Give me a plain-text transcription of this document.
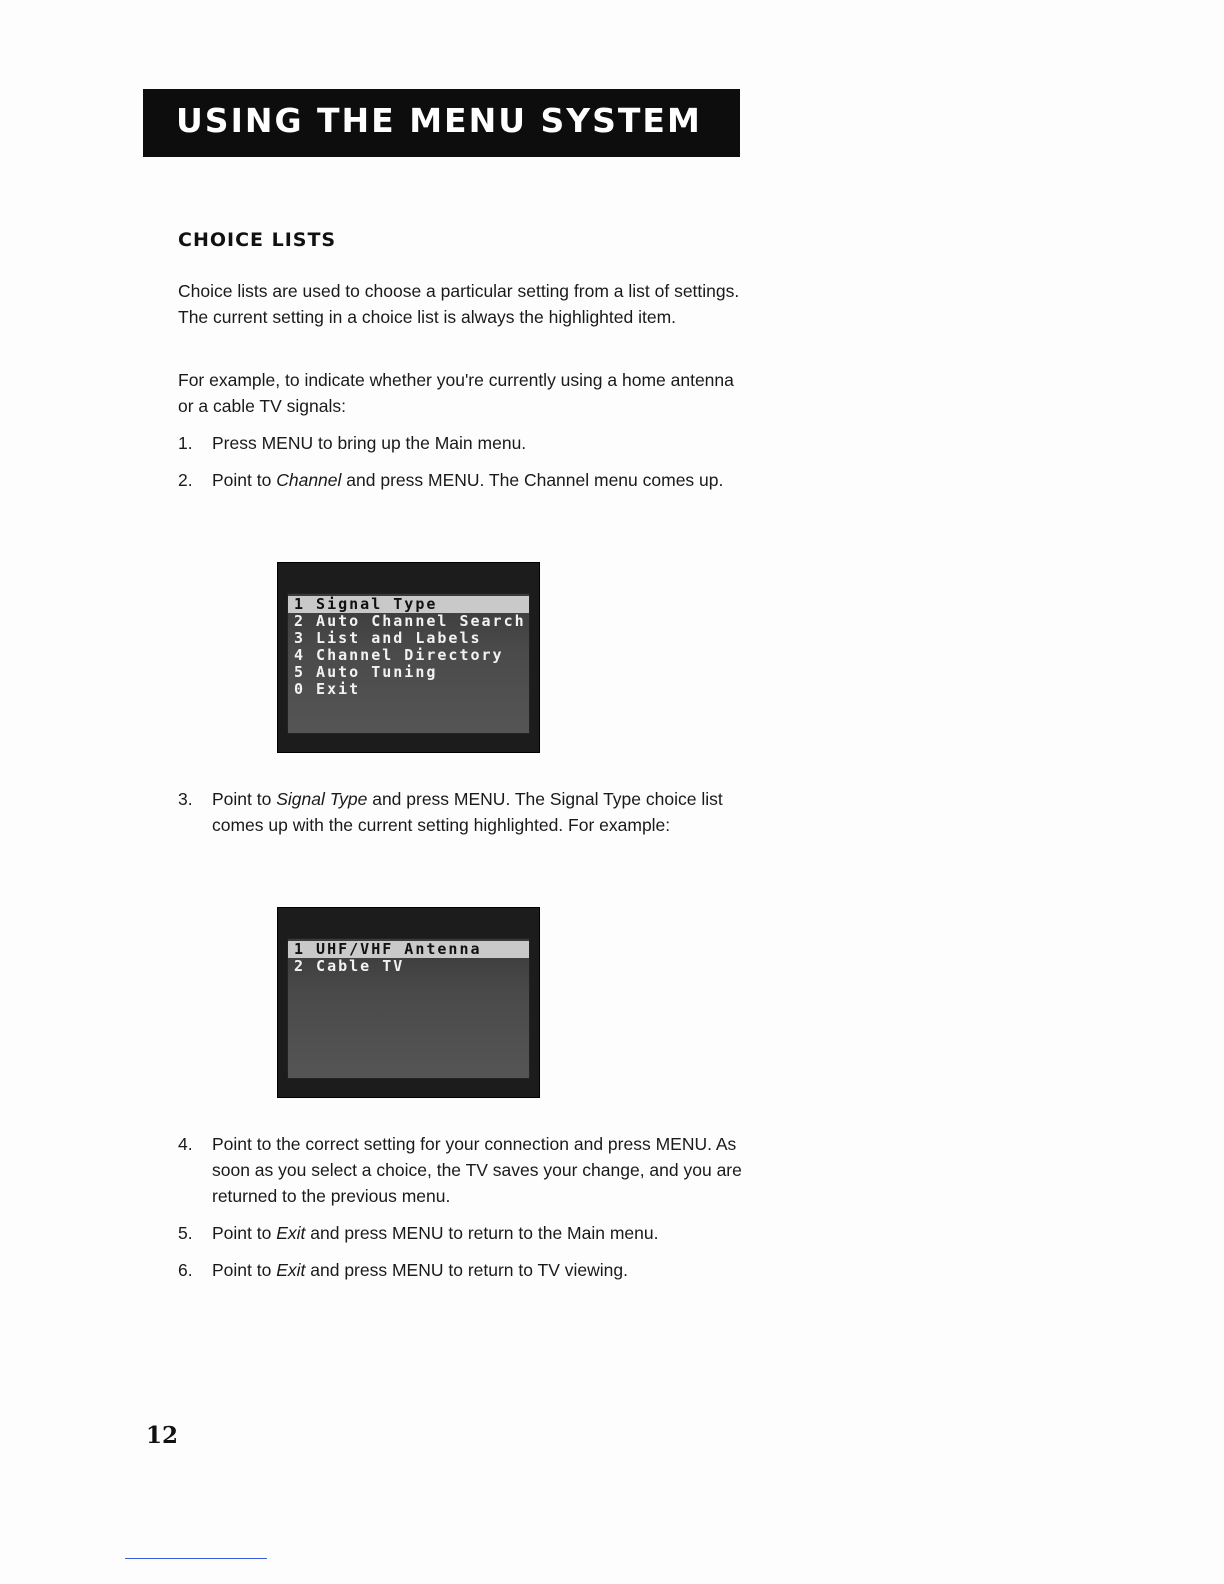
USING THE MENU SYSTEM
CHOICE LISTS

Choice lists are used to choose a particular setting from a list of settings. The current setting in a choice list is always the highlighted item.

For example, to indicate whether you're currently using a home antenna or a cable TV signals:

1. Press MENU to bring up the Main menu.
2. Point to Channel and press MENU. The Channel menu comes up.
1 Signal Type
2 Auto Channel Search
3 List and Labels
4 Channel Directory
5 Auto Tuning
0 Exit
3. Point to Signal Type and press MENU. The Signal Type choice list comes up with the current setting highlighted. For example:
1 UHF/VHF Antenna
2 Cable TV
4. Point to the correct setting for your connection and press MENU. As soon as you select a choice, the TV saves your change, and you are returned to the previous menu.
5. Point to Exit and press MENU to return to the Main menu.
6. Point to Exit and press MENU to return to TV viewing.
12
